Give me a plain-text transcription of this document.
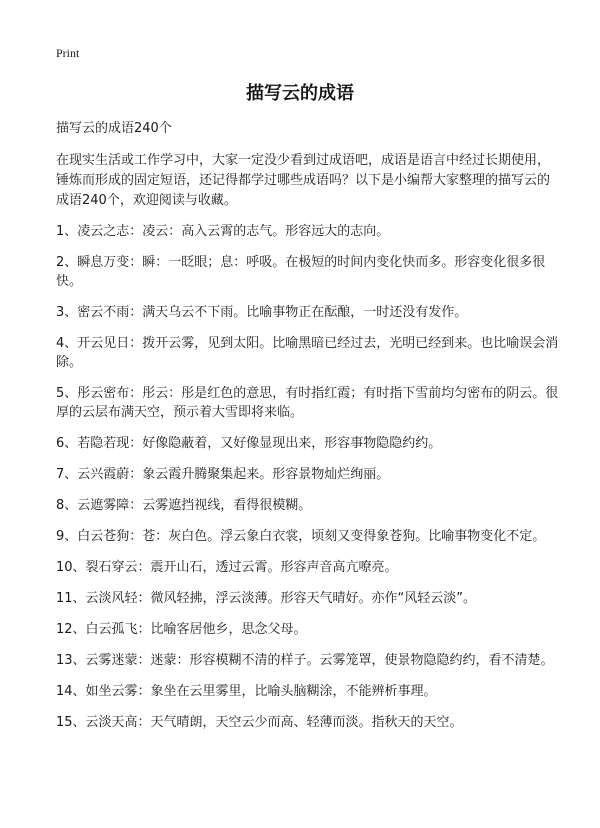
Print
描写云的成语

描写云的成语240个

在现实生活或工作学习中，大家一定没少看到过成语吧，成语是语言中经过长期使用，锤炼而形成的固定短语，还记得都学过哪些成语吗？以下是小编帮大家整理的描写云的成语240个，欢迎阅读与收藏。

1、凌云之志：凌云：高入云霄的志气。形容远大的志向。

2、瞬息万变：瞬：一眨眼；息：呼吸。在极短的时间内变化快而多。形容变化很多很快。

3、密云不雨：满天乌云不下雨。比喻事物正在酝酿，一时还没有发作。

4、开云见日：拨开云雾，见到太阳。比喻黑暗已经过去，光明已经到来。也比喻误会消除。

5、彤云密布：彤云：彤是红色的意思，有时指红霞；有时指下雪前均匀密布的阴云。很厚的云层布满天空，预示着大雪即将来临。

6、若隐若现：好像隐蔽着，又好像显现出来，形容事物隐隐约约。

7、云兴霞蔚：象云霞升腾聚集起来。形容景物灿烂绚丽。

8、云遮雾障：云雾遮挡视线，看得很模糊。

9、白云苍狗：苍：灰白色。浮云象白衣裳，顷刻又变得象苍狗。比喻事物变化不定。

10、裂石穿云：震开山石，透过云霄。形容声音高亢嘹亮。

11、云淡风轻：微风轻拂，浮云淡薄。形容天气晴好。亦作“风轻云淡”。

12、白云孤飞：比喻客居他乡，思念父母。

13、云雾迷蒙：迷蒙：形容模糊不清的样子。云雾笼罩，使景物隐隐约约，看不清楚。

14、如坐云雾：象坐在云里雾里，比喻头脑糊涂，不能辨析事理。

15、云淡天高：天气晴朗，天空云少而高、轻薄而淡。指秋天的天空。
